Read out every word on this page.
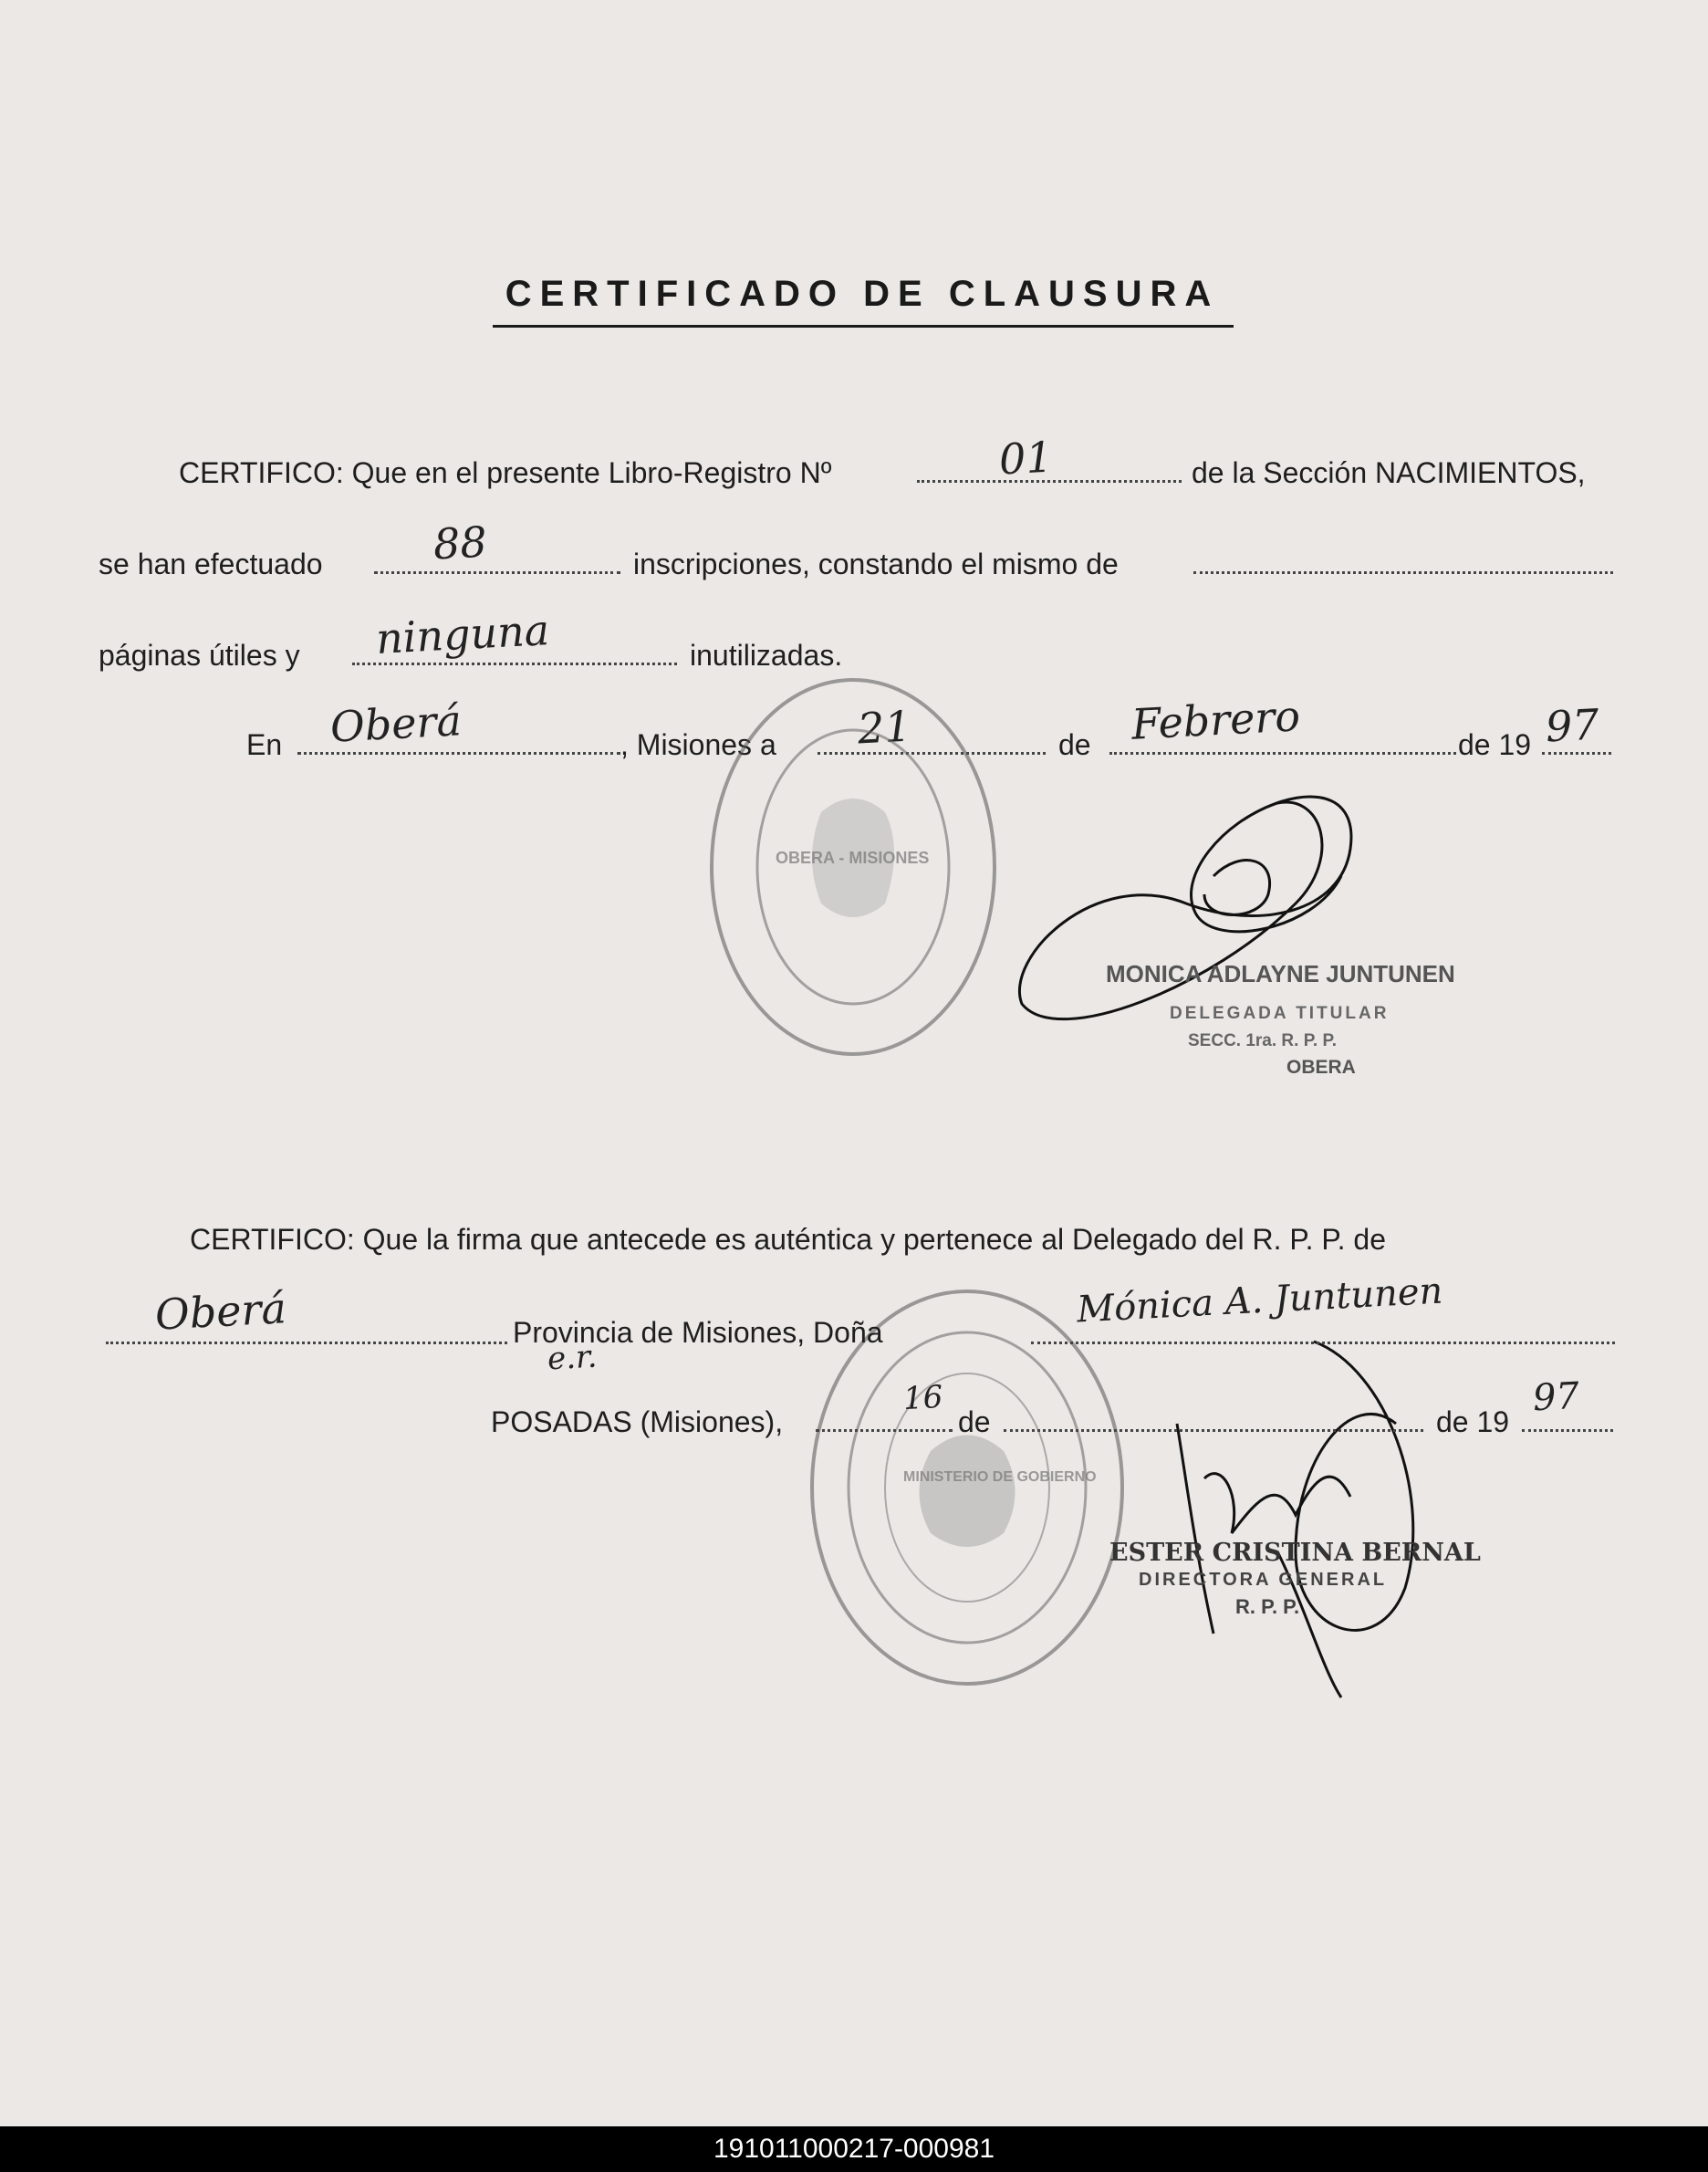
CERTIFICADO DE CLAUSURA
CERTIFICO: Que en el presente Libro-Registro Nº	01	de la Sección NACIMIENTOS,
se han efectuado	88	inscripciones, constando el mismo de
páginas útiles y ninguna	inutilizadas.
En Oberá	, Misiones a 21	de Febrero	de 19 97
MONICA ADLAYNE JUNTUNEN
DELEGADA TITULAR
SECC. 1ra. R. P. P.
OBERA
OBERA - MISIONES
CERTIFICO: Que la firma que antecede es auténtica y pertenece al Delegado del R. P. P. de
Oberá	Provincia de Misiones, Doña
Mónica A. Juntunen
e.r.
POSADAS (Misiones),
16
de	de 19
97
ESTER CRISTINA BERNAL
DIRECTORA GENERAL
R. P. P.
MINISTERIO DE GOBIERNO
191011000217-000981
